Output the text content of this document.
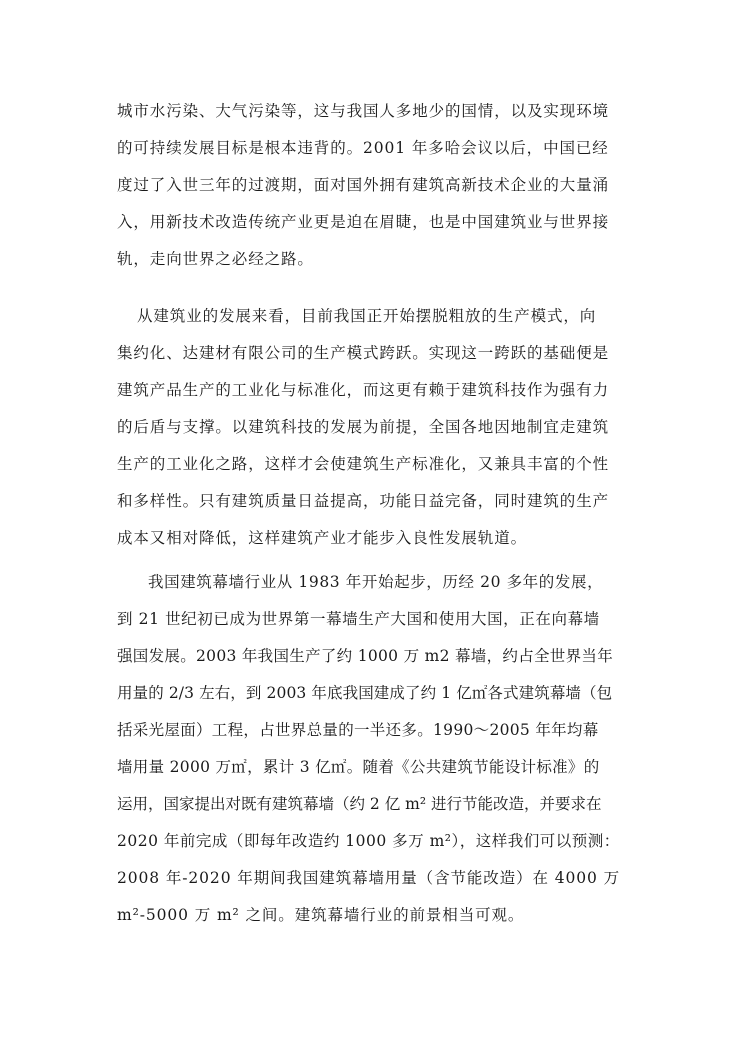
城市水污染、大气污染等，这与我国人多地少的国情，以及实现环境
的可持续发展目标是根本违背的。2001 年多哈会议以后，中国已经
度过了入世三年的过渡期，面对国外拥有建筑高新技术企业的大量涌
入，用新技术改造传统产业更是迫在眉睫，也是中国建筑业与世界接
轨，走向世界之必经之路。
从建筑业的发展来看，目前我国正开始摆脱粗放的生产模式，向
集约化、达建材有限公司的生产模式跨跃。实现这一跨跃的基础便是
建筑产品生产的工业化与标准化，而这更有赖于建筑科技作为强有力
的后盾与支撑。以建筑科技的发展为前提，全国各地因地制宜走建筑
生产的工业化之路，这样才会使建筑生产标准化，又兼具丰富的个性
和多样性。只有建筑质量日益提高，功能日益完备，同时建筑的生产
成本又相对降低，这样建筑产业才能步入良性发展轨道。
我国建筑幕墙行业从 1983 年开始起步，历经 20 多年的发展，
到 21 世纪初已成为世界第一幕墙生产大国和使用大国，正在向幕墙
强国发展。2003 年我国生产了约 1000 万 m2 幕墙，约占全世界当年
用量的 2/3 左右，到 2003 年底我国建成了约 1 亿㎡各式建筑幕墙（包
括采光屋面）工程，占世界总量的一半还多。1990～2005 年年均幕
墙用量 2000 万㎡，累计 3 亿㎡。随着《公共建筑节能设计标准》的
运用，国家提出对既有建筑幕墙（约 2 亿 m² 进行节能改造，并要求在
2020 年前完成（即每年改造约 1000 多万 m²），这样我们可以预测：
2008 年-2020 年期间我国建筑幕墙用量（含节能改造）在 4000 万
m²-5000 万 m² 之间。建筑幕墙行业的前景相当可观。
